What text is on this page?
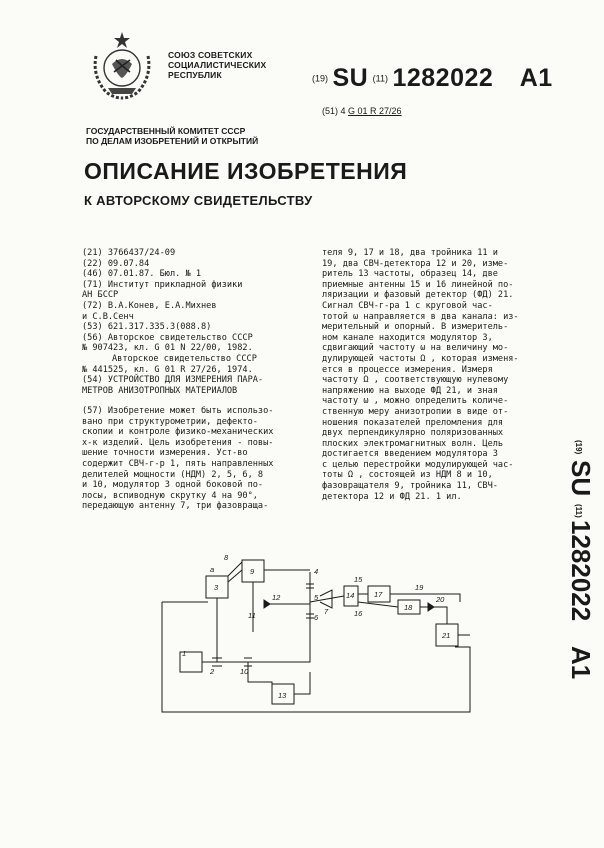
СОЮЗ СОВЕТСКИХ
СОЦИАЛИСТИЧЕСКИХ
РЕСПУБЛИК	(19) SU (11) 1282022 A1
(51) 4 G 01 R 27/26
ГОСУДАРСТВЕННЫЙ КОМИТЕТ СССР
ПО ДЕЛАМ ИЗОБРЕТЕНИЙ И ОТКРЫТИЙ
ОПИСАНИЕ ИЗОБРЕТЕНИЯ
К АВТОРСКОМУ СВИДЕТЕЛЬСТВУ
(21) 3766437/24-09
(22) 09.07.84
(46) 07.01.87. Бюл. № 1
(71) Институт прикладной физики
АН БССР
(72) В.А.Конев, Е.А.Михнев
и С.В.Сенч
(53) 621.317.335.3(088.8)
(56) Авторское свидетельство СССР
№ 907423, кл. G 01 N 22/00, 1982.
Авторское свидетельство СССР
№ 441525, кл. G 01 R 27/26, 1974.
(54) УСТРОЙСТВО ДЛЯ ИЗМЕРЕНИЯ ПАРА-
МЕТРОВ АНИЗОТРОПНЫХ МАТЕРИАЛОВ
(57) Изобретение может быть использо-
вано при структурометрии, дефекто-
скопии и контроле физико-механических
х-к изделий. Цель изобретения - повы-
шение точности измерения. Уст-во
содержит СВЧ-г-р 1, пять направленных
делителей мощности (НДМ) 2, 5, 6, 8
и 10, модулятор 3 одной боковой по-
лосы, вспиводную скрутку 4 на 90°,
передающую антенну 7, три фазовраща-
теля 9, 17 и 18, два тройника 11 и
19, два СВЧ-детектора 12 и 20, изме-
ритель 13 частоты, образец 14, две
приемные антенны 15 и 16 линейной по-
ляризации и фазовый детектор (ФД) 21.
Сигнал СВЧ-г-ра 1 с круговой час-
тотой ω направляется в два канала: из-
мерительный и опорный. В измеритель-
ном канале находится модулятор 3,
сдвигающий частоту ω на величину мо-
дулирующей частоты Ω , которая изменя-
ется в процессе измерения. Измеря
частоту Ω , соответствующую нулевому
напряжению на выходе ФД 21, и зная
частоту ω , можно определить количе-
ственную меру анизотропии в виде от-
ношения показателей преломления для
двух перпендикулярно поляризованных
плоских электромагнитных волн. Цель
достигается введением модулятора 3
с целью перестройки модулирующей час-
тоты Ω , состоящей из НДМ 8 и 10,
фазовращателя 9, тройника 11, СВЧ-
детектора 12 и ФД 21. 1 ил.
(19)
SU
(11)
1282022
A1
1
2
3
4
5
6
7
8
9
10
11
12
13
14
15
16
17
18
19
20
21
a
